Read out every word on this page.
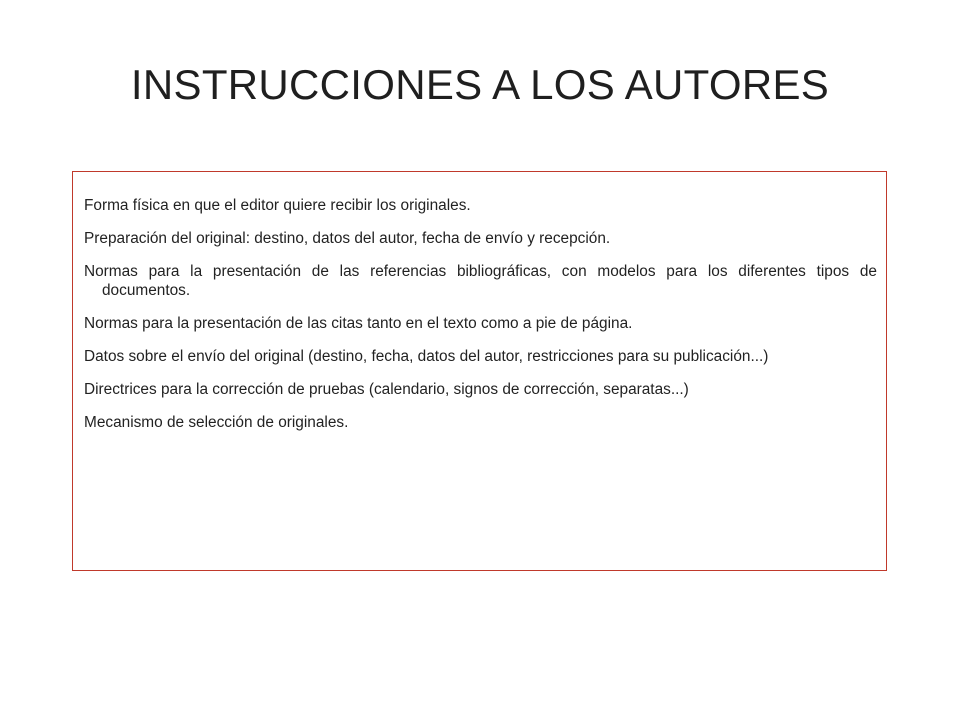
INSTRUCCIONES A LOS AUTORES
Forma física en que el editor quiere recibir los originales.
Preparación del original: destino, datos del autor, fecha de envío y recepción.
Normas para la presentación de las referencias bibliográficas, con modelos para los diferentes tipos de documentos.
Normas para la presentación de las citas tanto en el texto como a pie de página.
Datos sobre el envío del original (destino, fecha, datos del autor, restricciones para su publicación...)
Directrices para la corrección de pruebas (calendario, signos de corrección, separatas...)
Mecanismo de selección de originales.
